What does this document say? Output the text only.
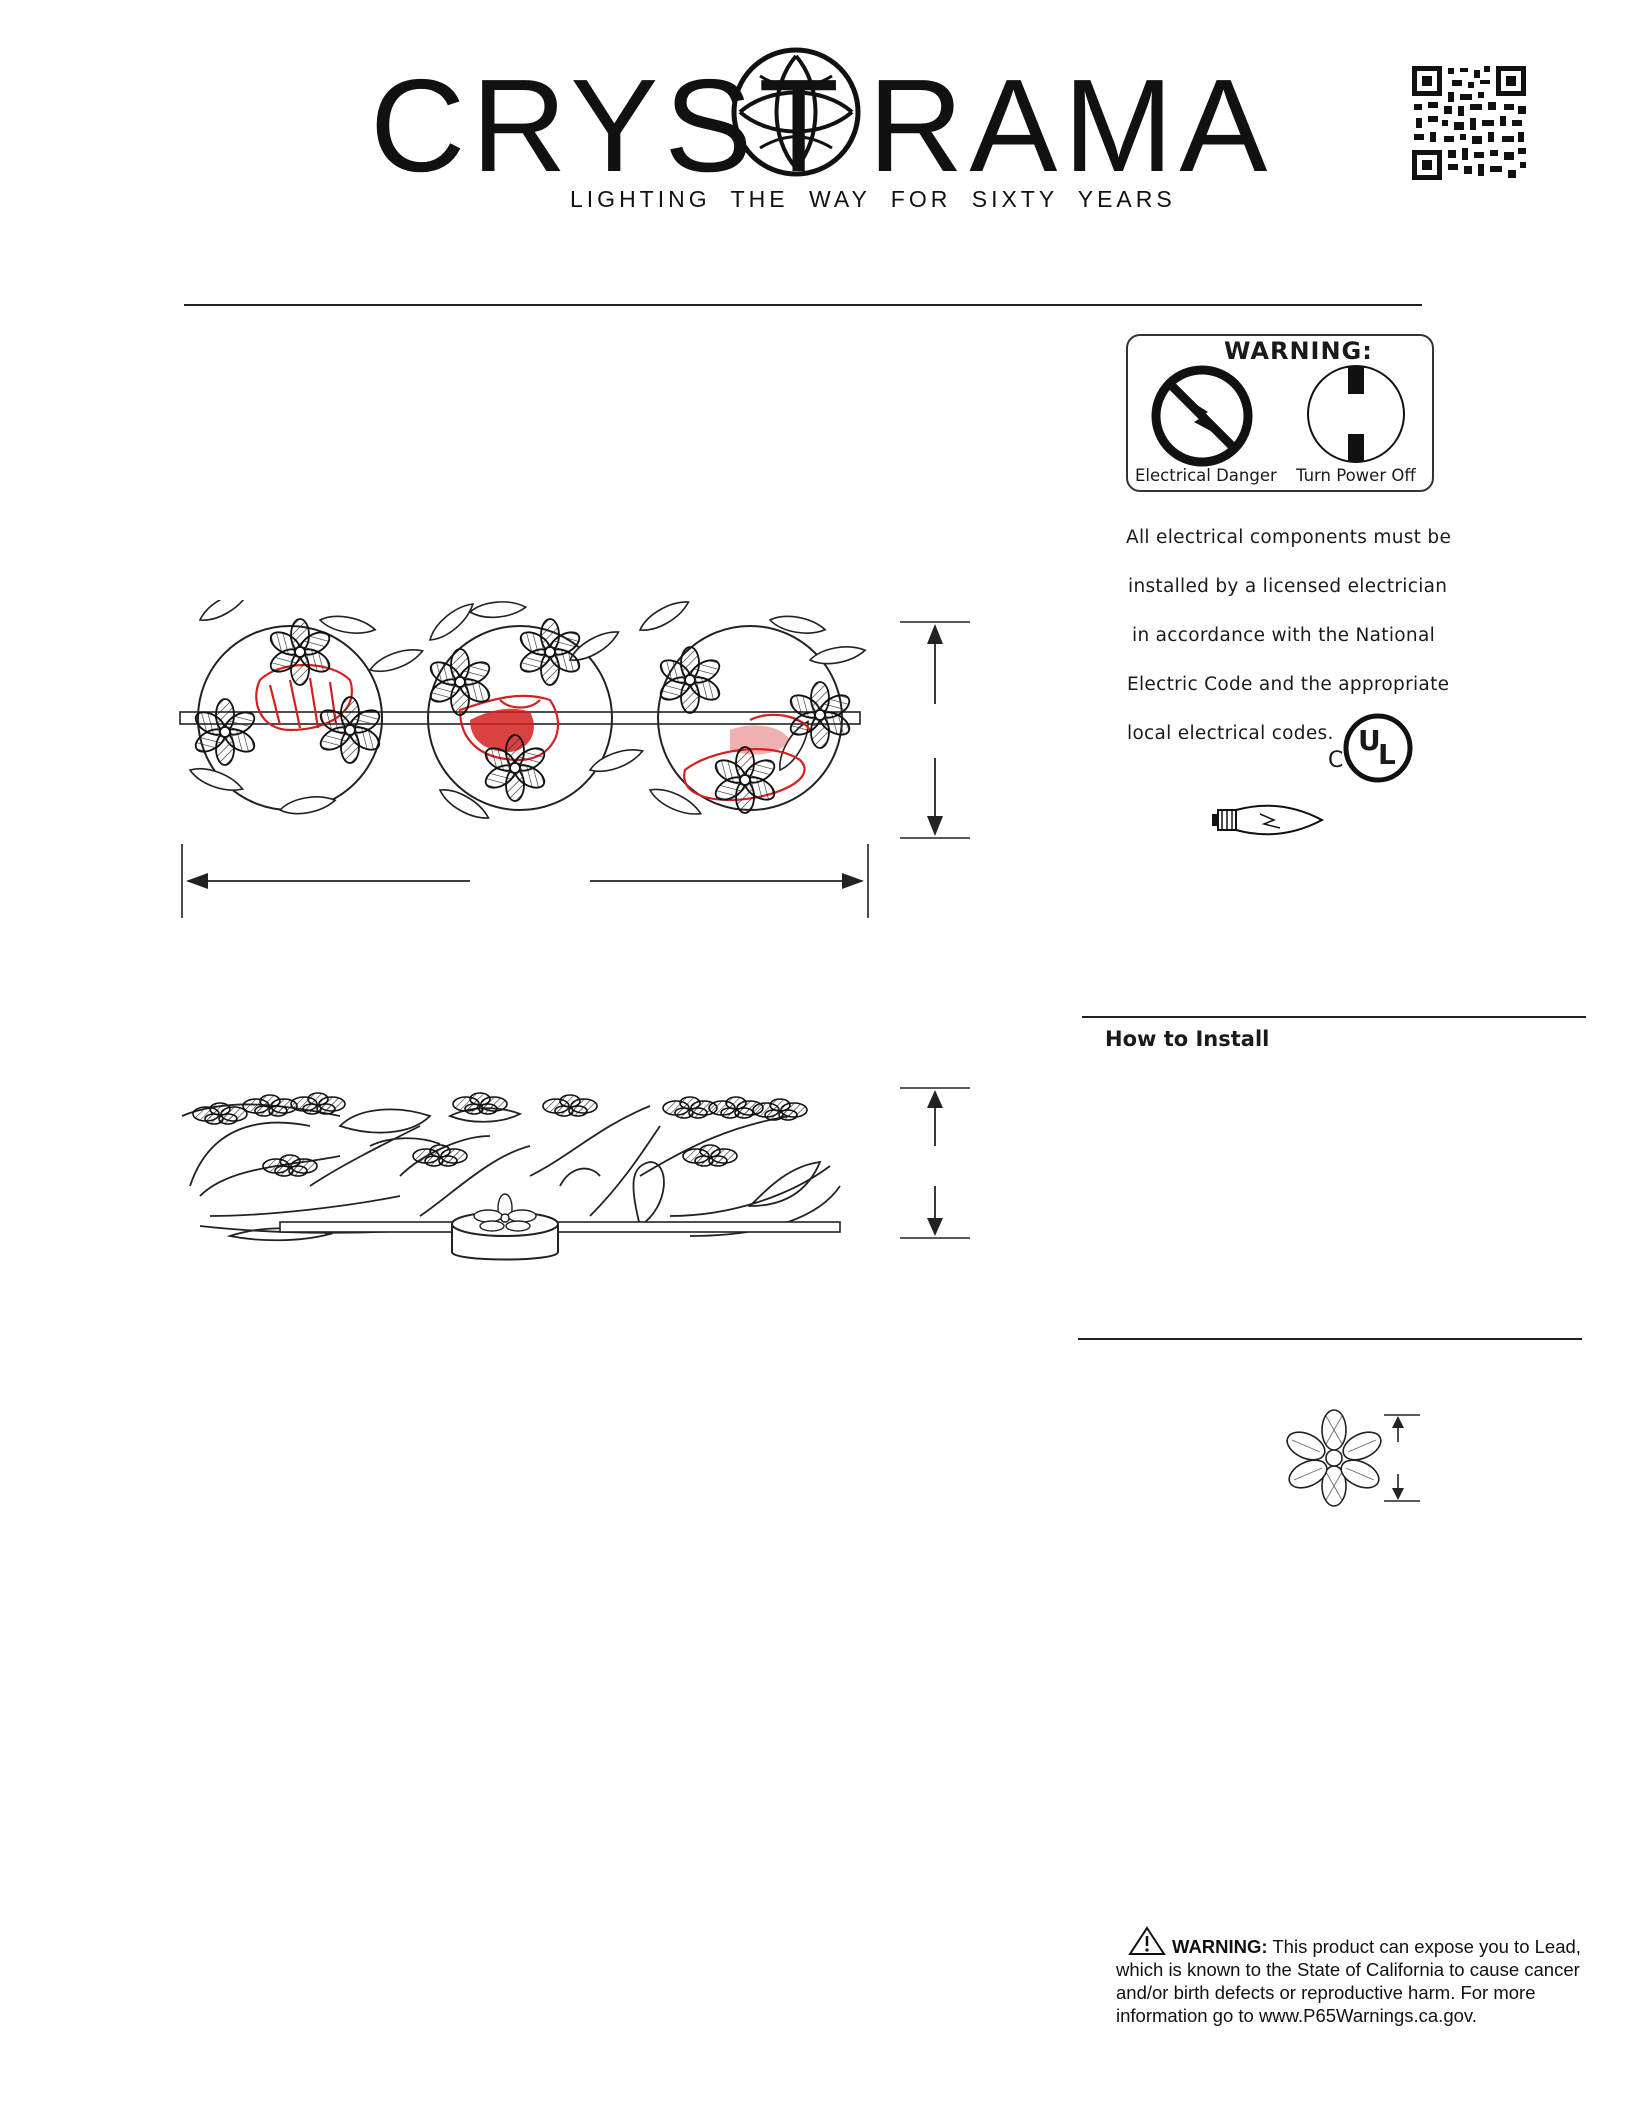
CRYST RAMA
LIGHTING THE WAY FOR SIXTY YEARS
WARNING:
Electrical Danger Turn Power Off
All electrical components must be
installed by a licensed electrician
in accordance with the National
Electric Code and the appropriate
local electrical codes.
C
U
L
How to Install
WARNING: This product can expose you to Lead,
which is known to the State of California to cause cancer
and/or birth defects or reproductive harm. For more
information go to www.P65Warnings.ca.gov.
